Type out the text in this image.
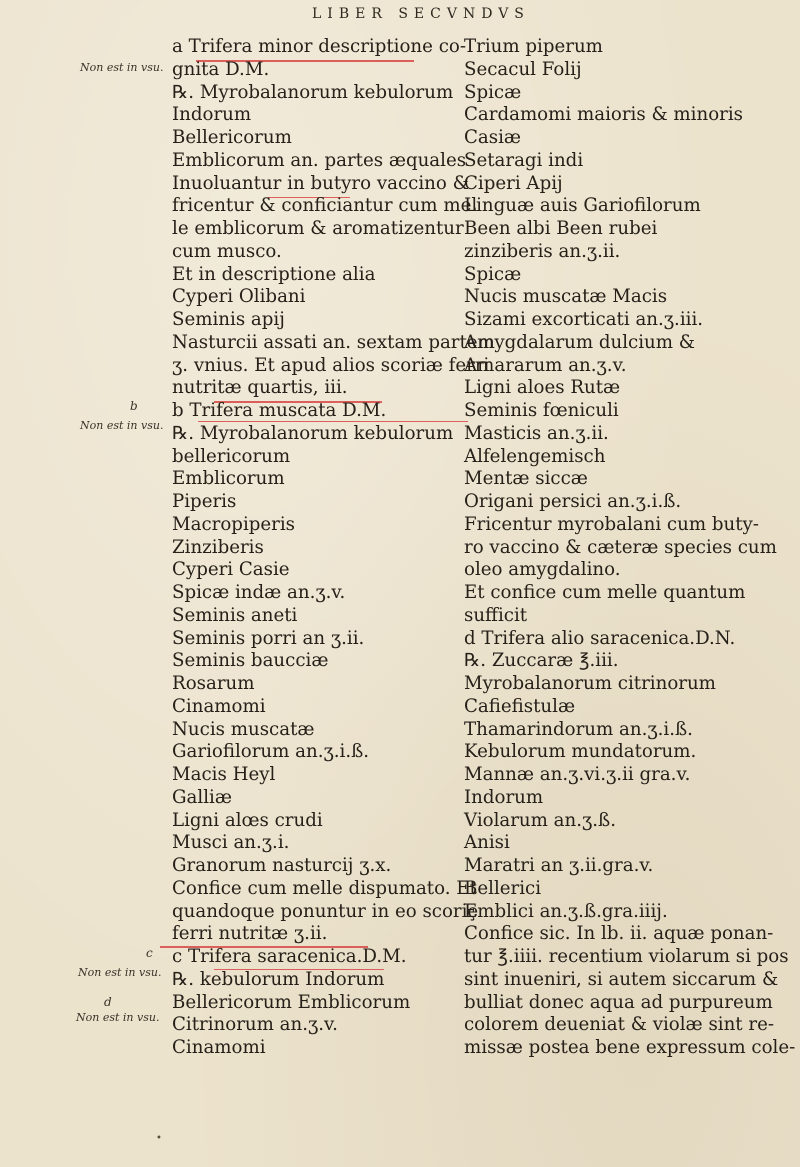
LIBER SECVNDVS
Non est in vsu.
b
Non est in vsu.
c
Non est in vsu.
d
Non est in vsu.
a Trifera minor descriptione co-
gnita D.M.
℞. Myrobalanorum kebulorum
Indorum
Bellericorum
Emblicorum an. partes æquales
Inuoluantur in butyro vaccino &
fricentur & conficiantur cum mel
le emblicorum & aromatizentur
cum musco.
Et in descriptione alia
Cyperi Olibani
Seminis apij
Nasturcii assati an. sextam partem
ʒ. vnius. Et apud alios scoriæ ferri
nutritæ quartis, iii.
b Trifera muscata D.M.
℞. Myrobalanorum kebulorum
bellericorum
Emblicorum
Piperis
Macropiperis
Zinziberis
Cyperi Casie
Spicæ indæ an.ʒ.v.
Seminis aneti
Seminis porri an ʒ.ii.
Seminis baucciæ
Rosarum
Cinamomi
Nucis muscatæ
Gariofilorum an.ʒ.i.ß.
Macis Heyl
Galliæ
Ligni alœs crudi
Musci an.ʒ.i.
Granorum nasturcij ʒ.x.
Confice cum melle dispumato. Et
quandoque ponuntur in eo scoriȩ
ferri nutritæ ʒ.ii.
c Trifera saracenica.D.M.
℞. kebulorum Indorum
Bellericorum Emblicorum
Citrinorum an.ʒ.v.
Cinamomi
Trium piperum
Secacul Folij
Spicæ
Cardamomi maioris & minoris
Casiæ
Setaragi indi
Ciperi Apij
Linguæ auis Gariofilorum
Been albi Been rubei
zinziberis an.ʒ.ii.
Spicæ
Nucis muscatæ Macis
Sizami excorticati an.ʒ.iii.
Amygdalarum dulcium &
Amararum an.ʒ.v.
Ligni aloes Rutæ
Seminis fœniculi
Masticis an.ʒ.ii.
Alfelengemisch
Mentæ siccæ
Origani persici an.ʒ.i.ß.
Fricentur myrobalani cum buty-
ro vaccino & cæteræ species cum
oleo amygdalino.
Et confice cum melle quantum
sufficit
d Trifera alio saracenica.D.N.
℞. Zuccaræ ℥.iii.
Myrobalanorum citrinorum
Cafiefistulæ
Thamarindorum an.ʒ.i.ß.
Kebulorum mundatorum.
Mannæ an.ʒ.vi.ʒ.ii gra.v.
Indorum
Violarum an.ʒ.ß.
Anisi
Maratri an ʒ.ii.gra.v.
Bellerici
Emblici an.ʒ.ß.gra.iiij.
Confice sic. In lb. ii. aquæ ponan-
tur ℥.iiii. recentium violarum si pos
sint inueniri, si autem siccarum &
bulliat donec aqua ad purpureum
colorem deueniat & violæ sint re-
missæ postea bene expressum cole-
•
